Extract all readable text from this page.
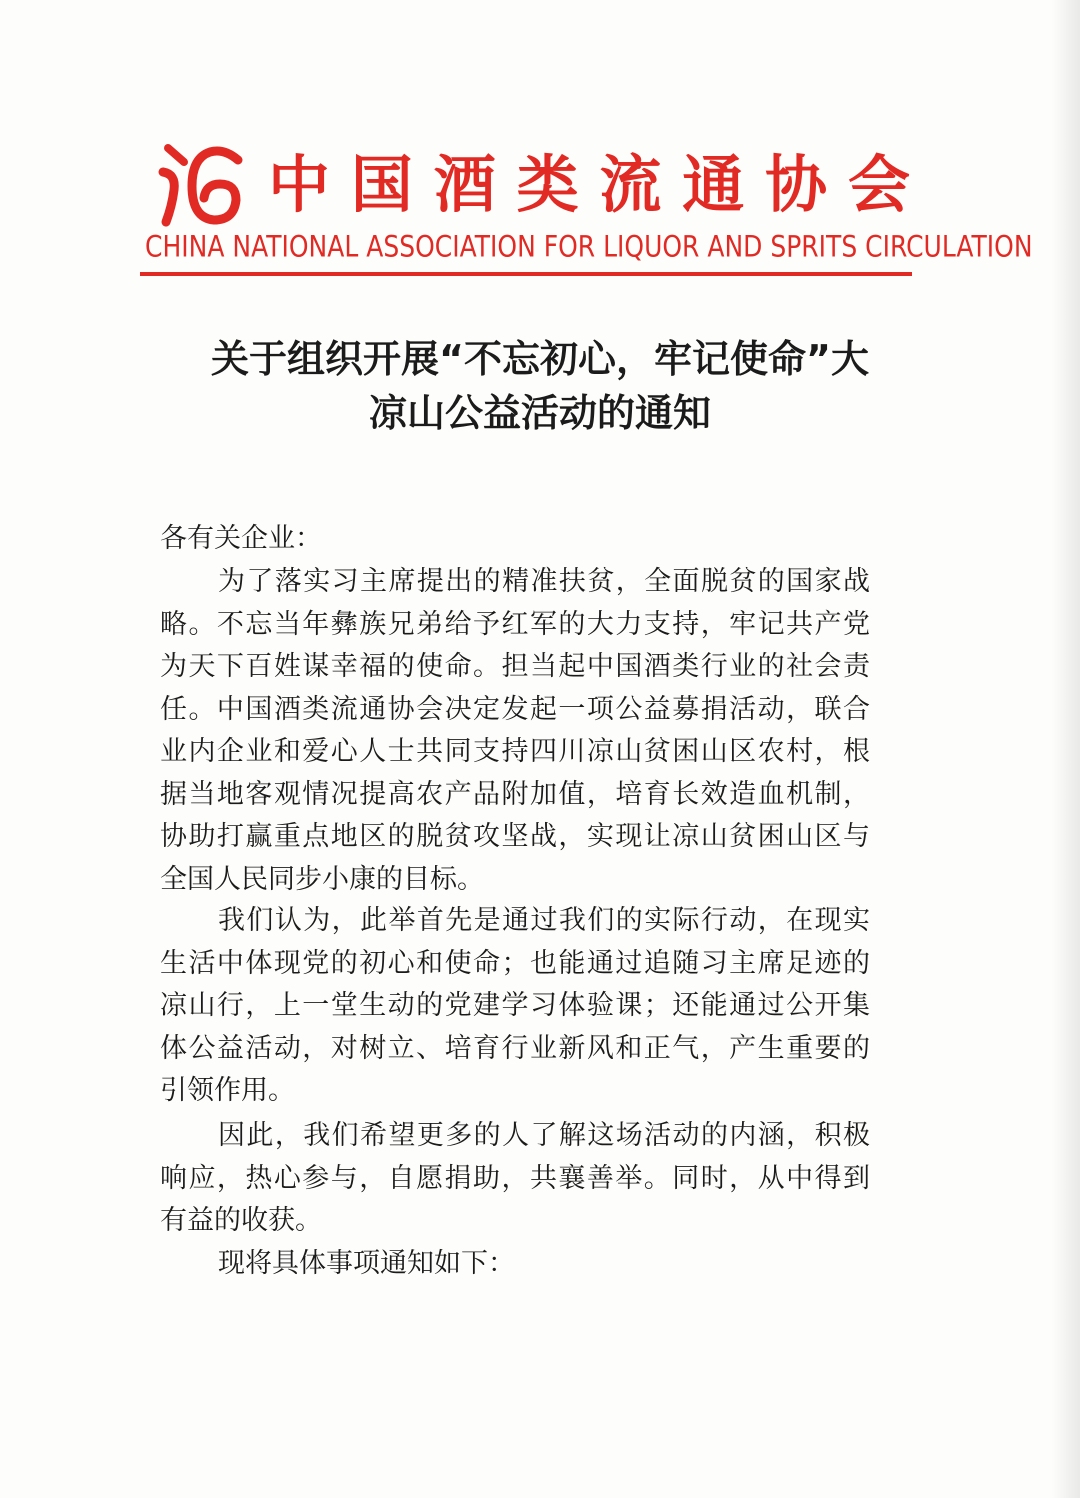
中国酒类流通协会
CHINA NATIONAL ASSOCIATION FOR LIQUOR AND SPRITS CIRCULATION
关于组织开展“不忘初心，牢记使命”大
凉山公益活动的通知
各有关企业：
为了落实习主席提出的精准扶贫，全面脱贫的国家战
略。不忘当年彝族兄弟给予红军的大力支持，牢记共产党
为天下百姓谋幸福的使命。担当起中国酒类行业的社会责
任。中国酒类流通协会决定发起一项公益募捐活动，联合
业内企业和爱心人士共同支持四川凉山贫困山区农村，根
据当地客观情况提高农产品附加值，培育长效造血机制，
协助打赢重点地区的脱贫攻坚战，实现让凉山贫困山区与
全国人民同步小康的目标。
我们认为，此举首先是通过我们的实际行动，在现实
生活中体现党的初心和使命；也能通过追随习主席足迹的
凉山行，上一堂生动的党建学习体验课；还能通过公开集
体公益活动，对树立、培育行业新风和正气，产生重要的
引领作用。
因此，我们希望更多的人了解这场活动的内涵，积极
响应，热心参与，自愿捐助，共襄善举。同时，从中得到
有益的收获。
现将具体事项通知如下：
